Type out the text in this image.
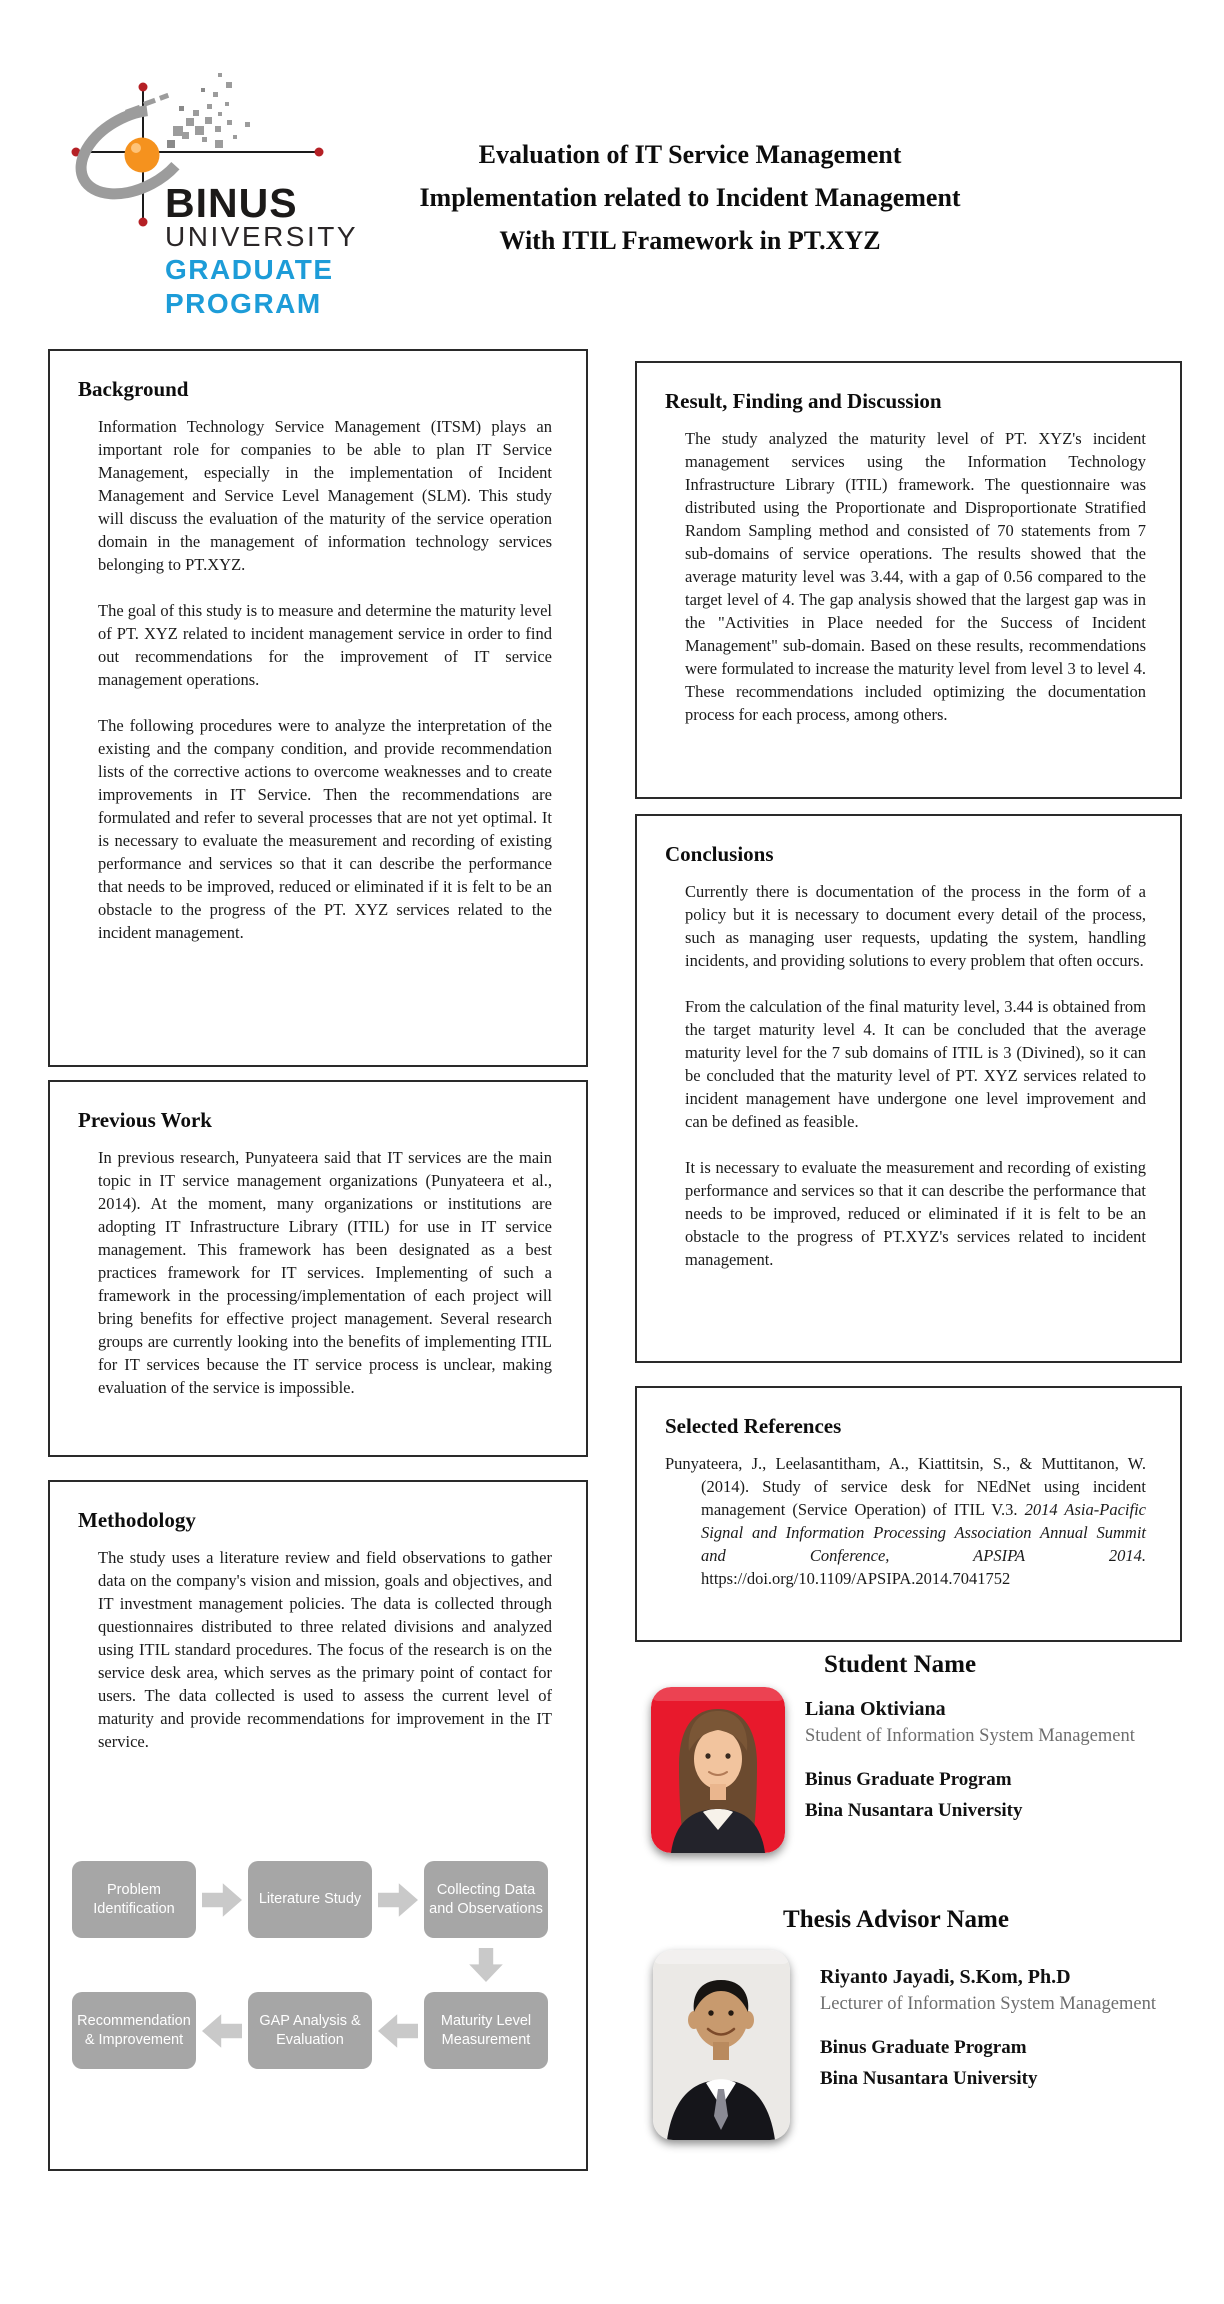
BINUS
UNIVERSITY
GRADUATE
PROGRAM
Evaluation of IT Service Management
Implementation related to Incident Management
With ITIL Framework in PT.XYZ
Background

Information Technology Service Management (ITSM) plays an important role for companies to be able to plan IT Service Management, especially in the implementation of Incident Management and Service Level Management (SLM). This study will discuss the evaluation of the maturity of the service operation domain in the management of information technology services belonging to PT.XYZ.

The goal of this study is to measure and determine the maturity level of PT. XYZ related to incident management service in order to find out recommendations for the improvement of IT service management operations.

The following procedures were to analyze the interpretation of the existing and the company condition, and provide recommendation lists of the corrective actions to overcome weaknesses and to create improvements in IT Service. Then the recommendations are formulated and refer to several processes that are not yet optimal. It is necessary to evaluate the measurement and recording of existing performance and services so that it can describe the performance that needs to be improved, reduced or eliminated if it is felt to be an obstacle to the progress of the PT. XYZ services related to the incident management.

Previous Work

In previous research, Punyateera said that IT services are the main topic in IT service management organizations (Punyateera et al., 2014). At the moment, many organizations or institutions are adopting IT Infrastructure Library (ITIL) for use in IT service management. This framework has been designated as a best practices framework for IT services. Implementing of such a framework in the processing/implementation of each project will bring benefits for effective project management. Several research groups are currently looking into the benefits of implementing ITIL for IT services because the IT service process is unclear, making evaluation of the service is impossible.

Methodology

The study uses a literature review and field observations to gather data on the company's vision and mission, goals and objectives, and IT investment management policies. The data is collected through questionnaires distributed to three related divisions and analyzed using ITIL standard procedures. The focus of the research is on the service desk area, which serves as the primary point of contact for users. The data collected is used to assess the current level of maturity and provide recommendations for improvement in the IT service.

Problem Identification
Literature Study
Collecting Data and Observations
Maturity Level Measurement
GAP Analysis & Evaluation
Recommendation & Improvement
Result, Finding and Discussion

The study analyzed the maturity level of PT. XYZ's incident management services using the Information Technology Infrastructure Library (ITIL) framework. The questionnaire was distributed using the Proportionate and Disproportionate Stratified Random Sampling method and consisted of 70 statements from 7 sub-domains of service operations. The results showed that the average maturity level was 3.44, with a gap of 0.56 compared to the target level of 4. The gap analysis showed that the largest gap was in the "Activities in Place needed for the Success of Incident Management" sub-domain. Based on these results, recommendations were formulated to increase the maturity level from level 3 to level 4. These recommendations included optimizing the documentation process for each process, among others.

Conclusions

Currently there is documentation of the process in the form of a policy but it is necessary to document every detail of the process, such as managing user requests, updating the system, handling incidents, and providing solutions to every problem that often occurs.

From the calculation of the final maturity level, 3.44 is obtained from the target maturity level 4. It can be concluded that the average maturity level for the 7 sub domains of ITIL is 3 (Divined), so it can be concluded that the maturity level of PT. XYZ services related to incident management have undergone one level improvement and can be defined as feasible.

It is necessary to evaluate the measurement and recording of existing performance and services so that it can describe the performance that needs to be improved, reduced or eliminated if it is felt to be an obstacle to the progress of PT.XYZ's services related to incident management.

Selected References

Punyateera, J., Leelasantitham, A., Kiattitsin, S., & Muttitanon, W. (2014). Study of service desk for NEdNet using incident management (Service Operation) of ITIL V.3. 2014 Asia-Pacific Signal and Information Processing Association Annual Summit and Conference, APSIPA 2014. https://doi.org/10.1109/APSIPA.2014.7041752

Student Name

Liana Oktiviana

Student of Information System Management

Binus Graduate Program

Bina Nusantara University

Thesis Advisor Name

Riyanto Jayadi, S.Kom, Ph.D

Lecturer of Information System Management

Binus Graduate Program

Bina Nusantara University
